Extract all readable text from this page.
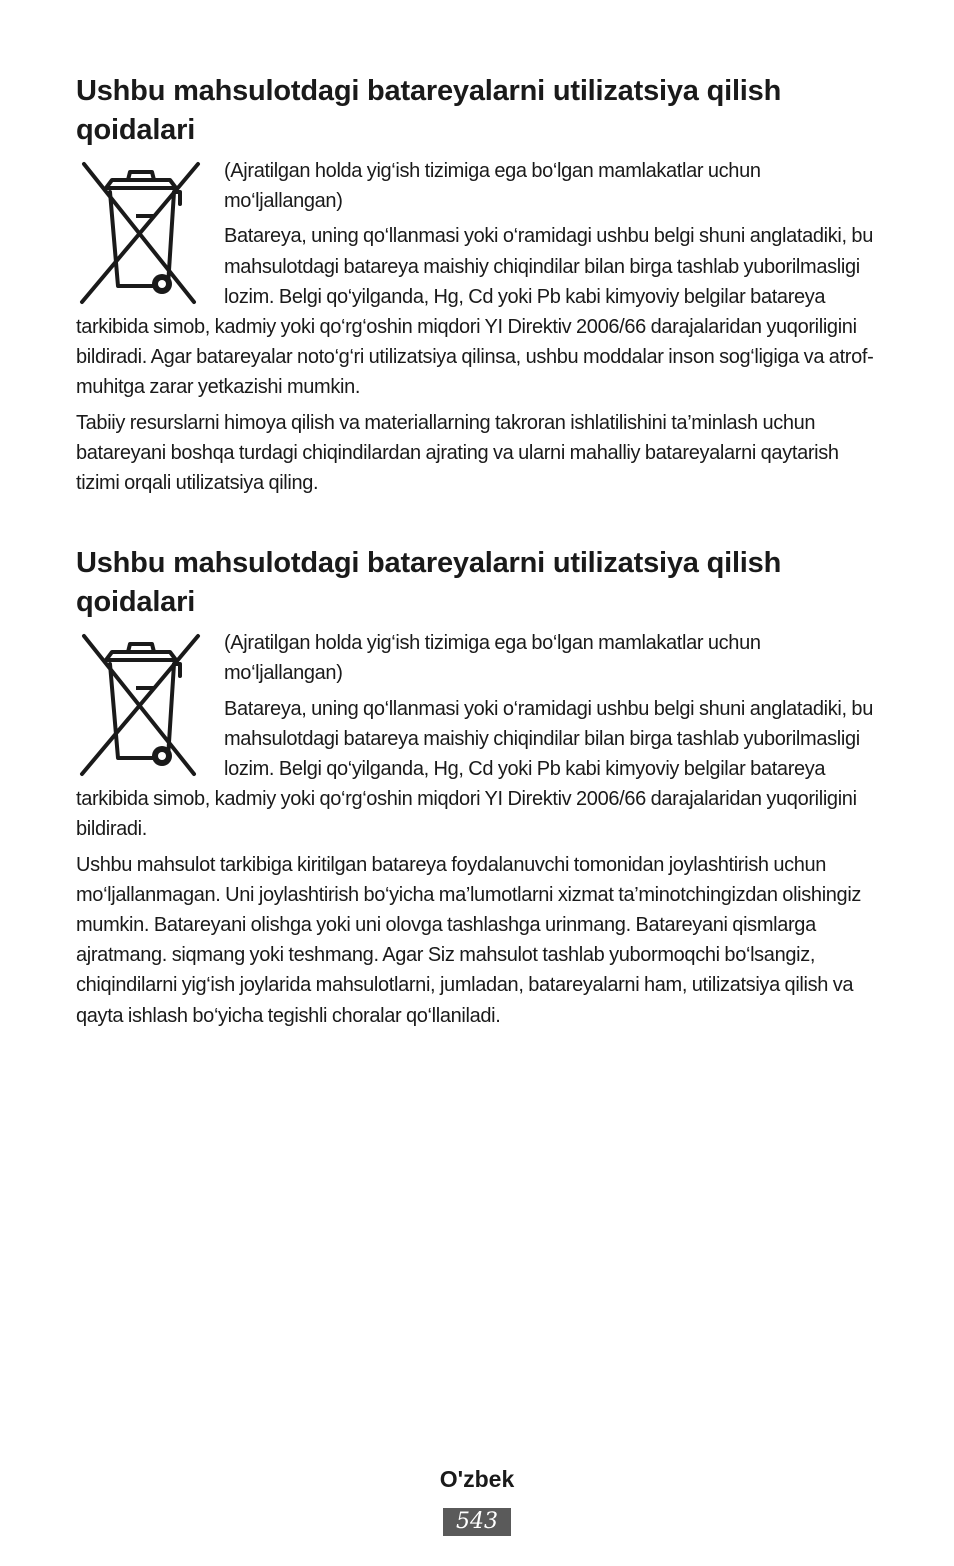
Ushbu mahsulotdagi batareyalarni utilizatsiya qilish qoidalari

(Ajratilgan holda yig‘ish tizimiga ega bo‘lgan mamlakatlar uchun mo‘ljallangan)

Batareya, uning qo‘llanmasi yoki o‘ramidagi ushbu belgi shuni anglatadiki, bu mahsulotdagi batareya maishiy chiqindilar bilan birga tashlab yuborilmasligi lozim. Belgi qo‘yilganda, Hg, Cd yoki Pb kabi kimyoviy belgilar batareya tarkibida simob, kadmiy yoki qo‘rg‘oshin miqdori YI Direktiv 2006/66 darajalaridan yuqoriligini bildiradi. Agar batareyalar noto‘g‘ri utilizatsiya qilinsa, ushbu moddalar inson sog‘ligiga va atrof-muhitga zarar yetkazishi mumkin.

Tabiiy resurslarni himoya qilish va materiallarning takroran ishlatilishini ta’minlash uchun batareyani boshqa turdagi chiqindilardan ajrating va ularni mahalliy batareyalarni qaytarish tizimi orqali utilizatsiya qiling.

Ushbu mahsulotdagi batareyalarni utilizatsiya qilish qoidalari

(Ajratilgan holda yig‘ish tizimiga ega bo‘lgan mamlakatlar uchun mo‘ljallangan)

Batareya, uning qo‘llanmasi yoki o‘ramidagi ushbu belgi shuni anglatadiki, bu mahsulotdagi batareya maishiy chiqindilar bilan birga tashlab yuborilmasligi lozim. Belgi qo‘yilganda, Hg, Cd yoki Pb kabi kimyoviy belgilar batareya tarkibida simob, kadmiy yoki qo‘rg‘oshin miqdori YI Direktiv 2006/66 darajalaridan yuqoriligini bildiradi.

Ushbu mahsulot tarkibiga kiritilgan batareya foydalanuvchi tomonidan joylashtirish uchun mo‘ljallanmagan. Uni joylashtirish bo‘yicha ma’lumotlarni xizmat ta’minotchingizdan olishingiz mumkin. Batareyani olishga yoki uni olovga tashlashga urinmang. Batareyani qismlarga ajratmang. siqmang yoki teshmang. Agar Siz mahsulot tashlab yubormoqchi bo‘lsangiz, chiqindilarni yig‘ish joylarida mahsulotlarni, jumladan, batareyalarni ham, utilizatsiya qilish va qayta ishlash bo‘yicha tegishli choralar qo‘llaniladi.

O'zbek
543
